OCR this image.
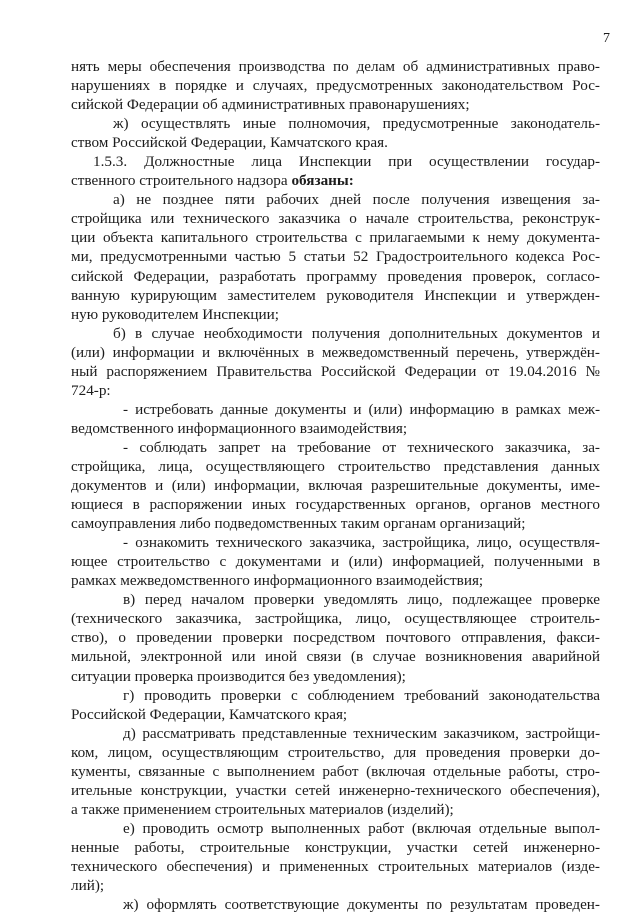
7
нять меры обеспечения производства по делам об административных право-
нарушениях в порядке и случаях, предусмотренных законодательством Рос-
сийской Федерации об административных правонарушениях;
ж) осуществлять иные полномочия, предусмотренные законодатель-
ством Российской Федерации, Камчатского края.
1.5.3. Должностные лица Инспекции при осуществлении государ-
ственного строительного надзора обязаны:
а) не позднее пяти рабочих дней после получения извещения за-
стройщика или технического заказчика о начале строительства, реконструк-
ции объекта капитального строительства с прилагаемыми к нему документа-
ми, предусмотренными частью 5 статьи 52 Градостроительного кодекса Рос-
сийской Федерации, разработать программу проведения проверок, согласо-
ванную курирующим заместителем руководителя Инспекции и утвержден-
ную руководителем Инспекции;
б) в случае необходимости получения дополнительных документов и
(или) информации и включённых в межведомственный перечень, утверждён-
ный распоряжением Правительства Российской Федерации от 19.04.2016 №
724-р:
- истребовать данные документы и (или) информацию в рамках меж-
ведомственного информационного взаимодействия;
- соблюдать запрет на требование от технического заказчика, за-
стройщика, лица, осуществляющего строительство представления данных
документов и (или) информации, включая разрешительные документы, име-
ющиеся в распоряжении иных государственных органов, органов местного
самоуправления либо подведомственных таким органам организаций;
- ознакомить технического заказчика, застройщика, лицо, осуществля-
ющее строительство с документами и (или) информацией, полученными в
рамках межведомственного информационного взаимодействия;
в) перед началом проверки уведомлять лицо, подлежащее проверке
(технического заказчика, застройщика, лицо, осуществляющее строитель-
ство), о проведении проверки посредством почтового отправления, факси-
мильной, электронной или иной связи (в случае возникновения аварийной
ситуации проверка производится без уведомления);
г) проводить проверки с соблюдением требований законодательства
Российской Федерации, Камчатского края;
д) рассматривать представленные техническим заказчиком, застройщи-
ком, лицом, осуществляющим строительство, для проведения проверки до-
кументы, связанные с выполнением работ (включая отдельные работы, стро-
ительные конструкции, участки сетей инженерно-технического обеспечения),
а также применением строительных материалов (изделий);
е) проводить осмотр выполненных работ (включая отдельные выпол-
ненные работы, строительные конструкции, участки сетей инженерно-
технического обеспечения) и примененных строительных материалов (изде-
лий);
ж) оформлять соответствующие документы по результатам проведен-
